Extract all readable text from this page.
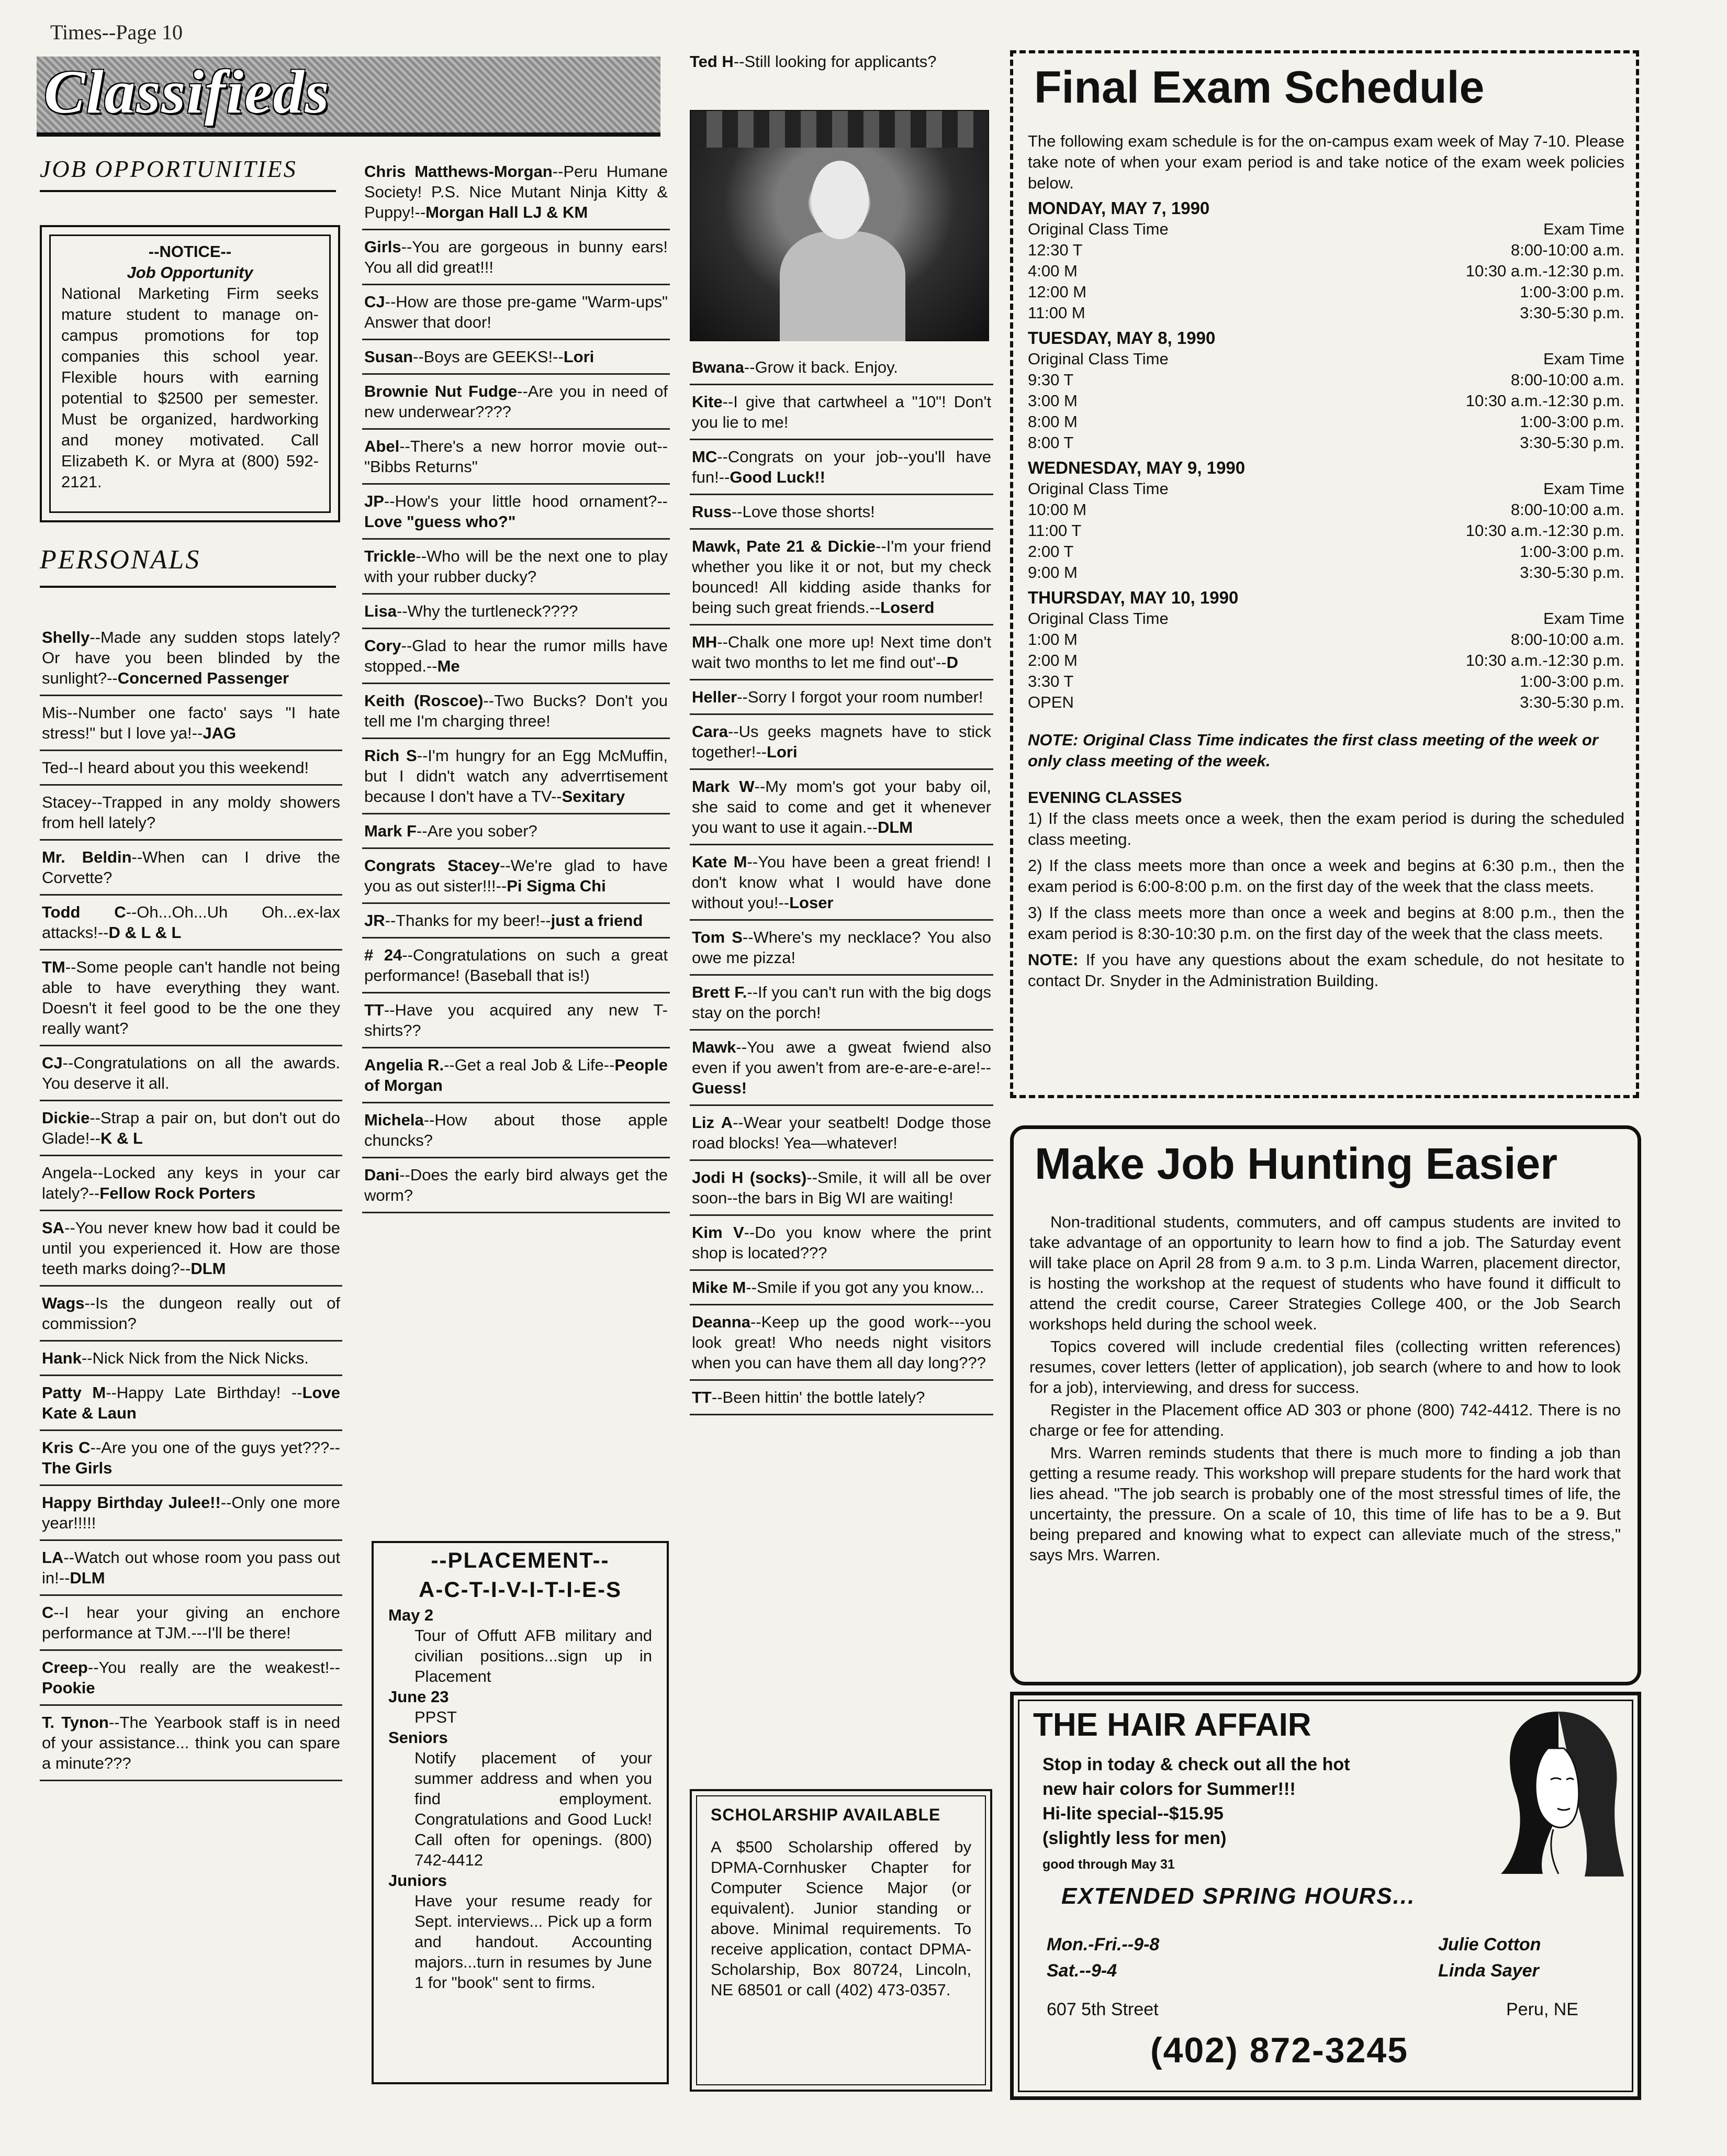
Times--Page 10
Classifieds
JOB OPPORTUNITIES
--NOTICE--
Job Opportunity
National Marketing Firm seeks mature student to manage on-campus promotions for top companies this school year. Flexible hours with earning potential to $2500 per semester. Must be organized, hardworking and money motivated. Call Elizabeth K. or Myra at (800) 592-2121.
PERSONALS
Shelly--Made any sudden stops lately? Or have you been blinded by the sunlight?--Concerned Passenger
Mis--Number one facto' says "I hate stress!" but I love ya!--JAG
Ted--I heard about you this weekend!
Stacey--Trapped in any moldy showers from hell lately?
Mr. Beldin--When can I drive the Corvette?
Todd C--Oh...Oh...Uh Oh...ex-lax attacks!--D & L & L
TM--Some people can't handle not being able to have everything they want. Doesn't it feel good to be the one they really want?
CJ--Congratulations on all the awards. You deserve it all.
Dickie--Strap a pair on, but don't out do Glade!--K & L
Angela--Locked any keys in your car lately?--Fellow Rock Porters
SA--You never knew how bad it could be until you experienced it. How are those teeth marks doing?--DLM
Wags--Is the dungeon really out of commission?
Hank--Nick Nick from the Nick Nicks.
Patty M--Happy Late Birthday! --Love Kate & Laun
Kris C--Are you one of the guys yet???--The Girls
Happy Birthday Julee!!--Only one more year!!!!!
LA--Watch out whose room you pass out in!--DLM
C--I hear your giving an enchore performance at TJM.---I'll be there!
Creep--You really are the weakest!--Pookie
T. Tynon--The Yearbook staff is in need of your assistance... think you can spare a minute???
Chris Matthews-Morgan--Peru Humane Society! P.S. Nice Mutant Ninja Kitty & Puppy!--Morgan Hall LJ & KM
Girls--You are gorgeous in bunny ears! You all did great!!!
CJ--How are those pre-game "Warm-ups" Answer that door!
Susan--Boys are GEEKS!--Lori
Brownie Nut Fudge--Are you in need of new underwear????
Abel--There's a new horror movie out--"Bibbs Returns"
JP--How's your little hood ornament?--Love "guess who?"
Trickle--Who will be the next one to play with your rubber ducky?
Lisa--Why the turtleneck????
Cory--Glad to hear the rumor mills have stopped.--Me
Keith (Roscoe)--Two Bucks? Don't you tell me I'm charging three!
Rich S--I'm hungry for an Egg McMuffin, but I didn't watch any adverrtisement because I don't have a TV--Sexitary
Mark F--Are you sober?
Congrats Stacey--We're glad to have you as out sister!!!--Pi Sigma Chi
JR--Thanks for my beer!--just a friend
# 24--Congratulations on such a great performance! (Baseball that is!)
TT--Have you acquired any new T-shirts??
Angelia R.--Get a real Job & Life--People of Morgan
Michela--How about those apple chuncks?
Dani--Does the early bird always get the worm?
--PLACEMENT--
A-C-T-I-V-I-T-I-E-S
May 2
Tour of Offutt AFB military and civilian positions...sign up in Placement
June 23
PPST
Seniors
Notify placement of your summer address and when you find employment. Congratulations and Good Luck! Call often for openings. (800) 742-4412
Juniors
Have your resume ready for Sept. interviews... Pick up a form and handout. Accounting majors...turn in resumes by June 1 for "book" sent to firms.
Ted H--Still looking for applicants?
Bwana--Grow it back. Enjoy.
Kite--I give that cartwheel a "10"! Don't you lie to me!
MC--Congrats on your job--you'll have fun!--Good Luck!!
Russ--Love those shorts!
Mawk, Pate 21 & Dickie--I'm your friend whether you like it or not, but my check bounced! All kidding aside thanks for being such great friends.--Loserd
MH--Chalk one more up! Next time don't wait two months to let me find out'--D
Heller--Sorry I forgot your room number!
Cara--Us geeks magnets have to stick together!--Lori
Mark W--My mom's got your baby oil, she said to come and get it whenever you want to use it again.--DLM
Kate M--You have been a great friend! I don't know what I would have done without you!--Loser
Tom S--Where's my necklace? You also owe me pizza!
Brett F.--If you can't run with the big dogs stay on the porch!
Mawk--You awe a gweat fwiend also even if you awen't from are-e-are-e-are!--Guess!
Liz A--Wear your seatbelt! Dodge those road blocks! Yea—whatever!
Jodi H (socks)--Smile, it will all be over soon--the bars in Big WI are waiting!
Kim V--Do you know where the print shop is located???
Mike M--Smile if you got any you know...
Deanna--Keep up the good work---you look great! Who needs night visitors when you can have them all day long???
TT--Been hittin' the bottle lately?
SCHOLARSHIP AVAILABLE
A $500 Scholarship offered by DPMA-Cornhusker Chapter for Computer Science Major (or equivalent). Junior standing or above. Minimal requirements. To receive application, contact DPMA-Scholarship, Box 80724, Lincoln, NE 68501 or call (402) 473-0357.
Final Exam Schedule
The following exam schedule is for the on-campus exam week of May 7-10. Please take note of when your exam period is and take notice of the exam week policies below.
MONDAY, MAY 7, 1990
Original Class Time	Exam Time
12:30 T	8:00-10:00 a.m.
4:00 M	10:30 a.m.-12:30 p.m.
12:00 M	1:00-3:00 p.m.
11:00 M	3:30-5:30 p.m.
TUESDAY, MAY 8, 1990
Original Class Time	Exam Time
9:30 T	8:00-10:00 a.m.
3:00 M	10:30 a.m.-12:30 p.m.
8:00 M	1:00-3:00 p.m.
8:00 T	3:30-5:30 p.m.
WEDNESDAY, MAY 9, 1990
Original Class Time	Exam Time
10:00 M	8:00-10:00 a.m.
11:00 T	10:30 a.m.-12:30 p.m.
2:00 T	1:00-3:00 p.m.
9:00 M	3:30-5:30 p.m.
THURSDAY, MAY 10, 1990
Original Class Time	Exam Time
1:00 M	8:00-10:00 a.m.
2:00 M	10:30 a.m.-12:30 p.m.
3:30 T	1:00-3:00 p.m.
OPEN	3:30-5:30 p.m.
NOTE: Original Class Time indicates the first class meeting of the week or only class meeting of the week.
EVENING CLASSES
1) If the class meets once a week, then the exam period is during the scheduled class meeting.
2) If the class meets more than once a week and begins at 6:30 p.m., then the exam period is 6:00-8:00 p.m. on the first day of the week that the class meets.
3) If the class meets more than once a week and begins at 8:00 p.m., then the exam period is 8:30-10:30 p.m. on the first day of the week that the class meets.
NOTE: If you have any questions about the exam schedule, do not hesitate to contact Dr. Snyder in the Administration Building.
Make Job Hunting Easier

Non-traditional students, commuters, and off campus students are invited to take advantage of an opportunity to learn how to find a job. The Saturday event will take place on April 28 from 9 a.m. to 3 p.m. Linda Warren, placement director, is hosting the workshop at the request of students who have found it difficult to attend the credit course, Career Strategies College 400, or the Job Search workshops held during the school week.

Topics covered will include credential files (collecting written references) resumes, cover letters (letter of application), job search (where to and how to look for a job), interviewing, and dress for success.

Register in the Placement office AD 303 or phone (800) 742-4412. There is no charge or fee for attending.

Mrs. Warren reminds students that there is much more to finding a job than getting a resume ready. This workshop will prepare students for the hard work that lies ahead. "The job search is probably one of the most stressful times of life, the uncertainty, the pressure. On a scale of 10, this time of life has to be a 9. But being prepared and knowing what to expect can alleviate much of the stress," says Mrs. Warren.

THE HAIR AFFAIR
Stop in today & check out all the hot
new hair colors for Summer!!!
Hi-lite special--$15.95
(slightly less for men)
good through May 31
EXTENDED SPRING HOURS...
Mon.-Fri.--9-8
Sat.--9-4
Julie Cotton
Linda Sayer
607 5th Street	Peru, NE
(402) 872-3245
